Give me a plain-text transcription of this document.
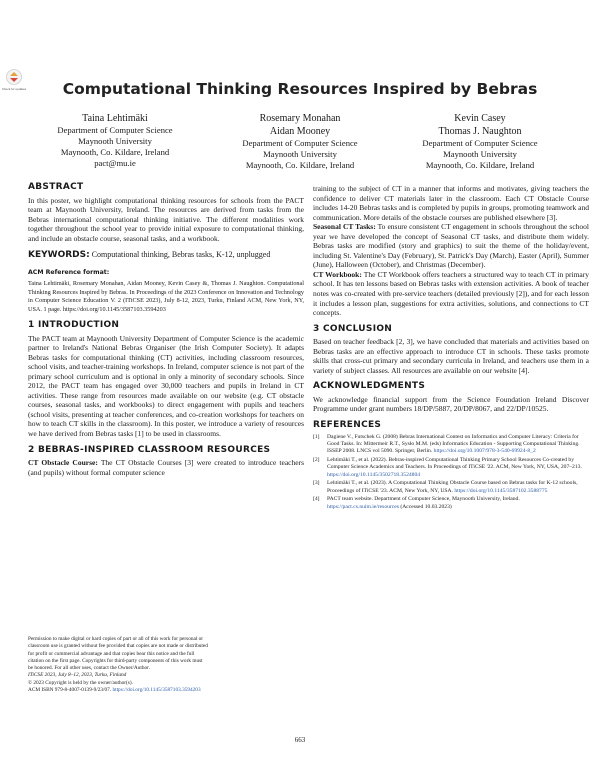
Check for updates	Computational Thinking Resources Inspired by Bebras
Taina Lehtimäki
Department of Computer Science
Maynooth University
Maynooth, Co. Kildare, Ireland
pact@mu.ie
Rosemary Monahan
Aidan Mooney
Department of Computer Science
Maynooth University
Maynooth, Co. Kildare, Ireland
Kevin Casey
Thomas J. Naughton
Department of Computer Science
Maynooth University
Maynooth, Co. Kildare, Ireland
ABSTRACT

In this poster, we highlight computational thinking resources for schools from the PACT team at Maynooth University, Ireland. The resources are derived from tasks from the Bebras international computational thinking initiative. The different modalities work together throughout the school year to provide initial exposure to computational thinking, and include an obstacle course, seasonal tasks, and a workbook.

KEYWORDS: Computational thinking, Bebras tasks, K-12, unplugged

ACM Reference format:
Taina Lehtimäki, Rosemary Monahan, Aidan Mooney, Kevin Casey &, Thomas J. Naughton. Computational Thinking Resources Inspired by Bebras. In Proceedings of the 2023 Conference on Innovation and Technology in Computer Science Education V. 2 (ITiCSE 2023), July 8-12, 2023, Turku, Finland ACM, New York, NY, USA. 1 page. https://doi.org/10.1145/3587103.3594203
1 INTRODUCTION

The PACT team at Maynooth University Department of Computer Science is the academic partner to Ireland's National Bebras Organiser (the Irish Computer Society). It adapts Bebras tasks for computational thinking (CT) activities, including classroom resources, school visits, and teacher-training workshops. In Ireland, computer science is not part of the primary school curriculum and is optional in only a minority of secondary schools. Since 2012, the PACT team has engaged over 30,000 teachers and pupils in Ireland in CT activities. These range from resources made available on our website (e.g. CT obstacle courses, seasonal tasks, and workbooks) to direct engagement with pupils and teachers (school visits, presenting at teacher conferences, and co-creation workshops for teachers on how to teach CT skills in the classroom). In this poster, we introduce a variety of resources we have derived from Bebras tasks [1] to be used in classrooms.

2 BEBRAS-INSPIRED CLASSROOM RESOURCES

CT Obstacle Course: The CT Obstacle Courses [3] were created to introduce teachers (and pupils) without formal computer science

training to the subject of CT in a manner that informs and motivates, giving teachers the confidence to deliver CT materials later in the classroom. Each CT Obstacle Course includes 14-20 Bebras tasks and is completed by pupils in groups, promoting teamwork and communication. More details of the obstacle courses are published elsewhere [3].

Seasonal CT Tasks: To ensure consistent CT engagement in schools throughout the school year we have developed the concept of Seasonal CT tasks, and distribute them widely. Bebras tasks are modified (story and graphics) to suit the theme of the holiday/event, including St. Valentine's Day (February), St. Patrick's Day (March), Easter (April), Summer (June), Halloween (October), and Christmas (December).

CT Workbook: The CT Workbook offers teachers a structured way to teach CT in primary school. It has ten lessons based on Bebras tasks with extension activities. A book of teacher notes was co-created with pre-service teachers (detailed previously [2]), and for each lesson it includes a lesson plan, suggestions for extra activities, solutions, and connections to CT concepts.

3 CONCLUSION

Based on teacher feedback [2, 3], we have concluded that materials and activities based on Bebras tasks are an effective approach to introduce CT in schools. These tasks promote skills that cross-cut primary and secondary curricula in Ireland, and teachers use them in a variety of subject classes. All resources are available on our website [4].

ACKNOWLEDGMENTS

We acknowledge financial support from the Science Foundation Ireland Discover Programme under grant numbers 18/DP/5887, 20/DP/8067, and 22/DP/10525.

REFERENCES
[1]	Dagiene V., Futschek G. (2008) Bebras International Contest on Informatics and Computer Literacy: Criteria for Good Tasks. In: Mittermeir R.T., Sysło M.M. (eds) Informatics Education - Supporting Computational Thinking. ISSEP 2008. LNCS vol 5090. Springer, Berlin. https://doi.org/10.1007/978-3-540-69924-8_2
[2]	Lehtimäki T., et al. (2022). Bebras-inspired Computational Thinking Primary School Resources Co-created by Computer Science Academics and Teachers. In Proceedings of ITiCSE '22. ACM, New York, NY, USA, 207–213. https://doi.org/10.1145/3502718.3524804
[3]	Lehtimäki T., et al. (2023). A Computational Thinking Obstacle Course based on Bebras tasks for K-12 schools, Proceedings of ITiCSE '23. ACM, New York, NY, USA. https://doi.org/10.1145/3587102.3588775
[4]	PACT team website. Department of Computer Science, Maynooth University, Ireland. https://pact.cs.nuim.ie/resources (Accessed 10.03.2023)
Permission to make digital or hard copies of part or all of this work for personal or
classroom use is granted without fee provided that copies are not made or distributed
for profit or commercial advantage and that copies bear this notice and the full
citation on the first page. Copyrights for third-party components of this work must
be honored. For all other uses, contact the Owner/Author.
ITiCSE 2023, July 8–12, 2023, Turku, Finland
© 2023 Copyright is held by the owner/author(s).
ACM ISBN 979-8-4007-0139-9/23/07. https://doi.org/10.1145/3587103.3594203
663
